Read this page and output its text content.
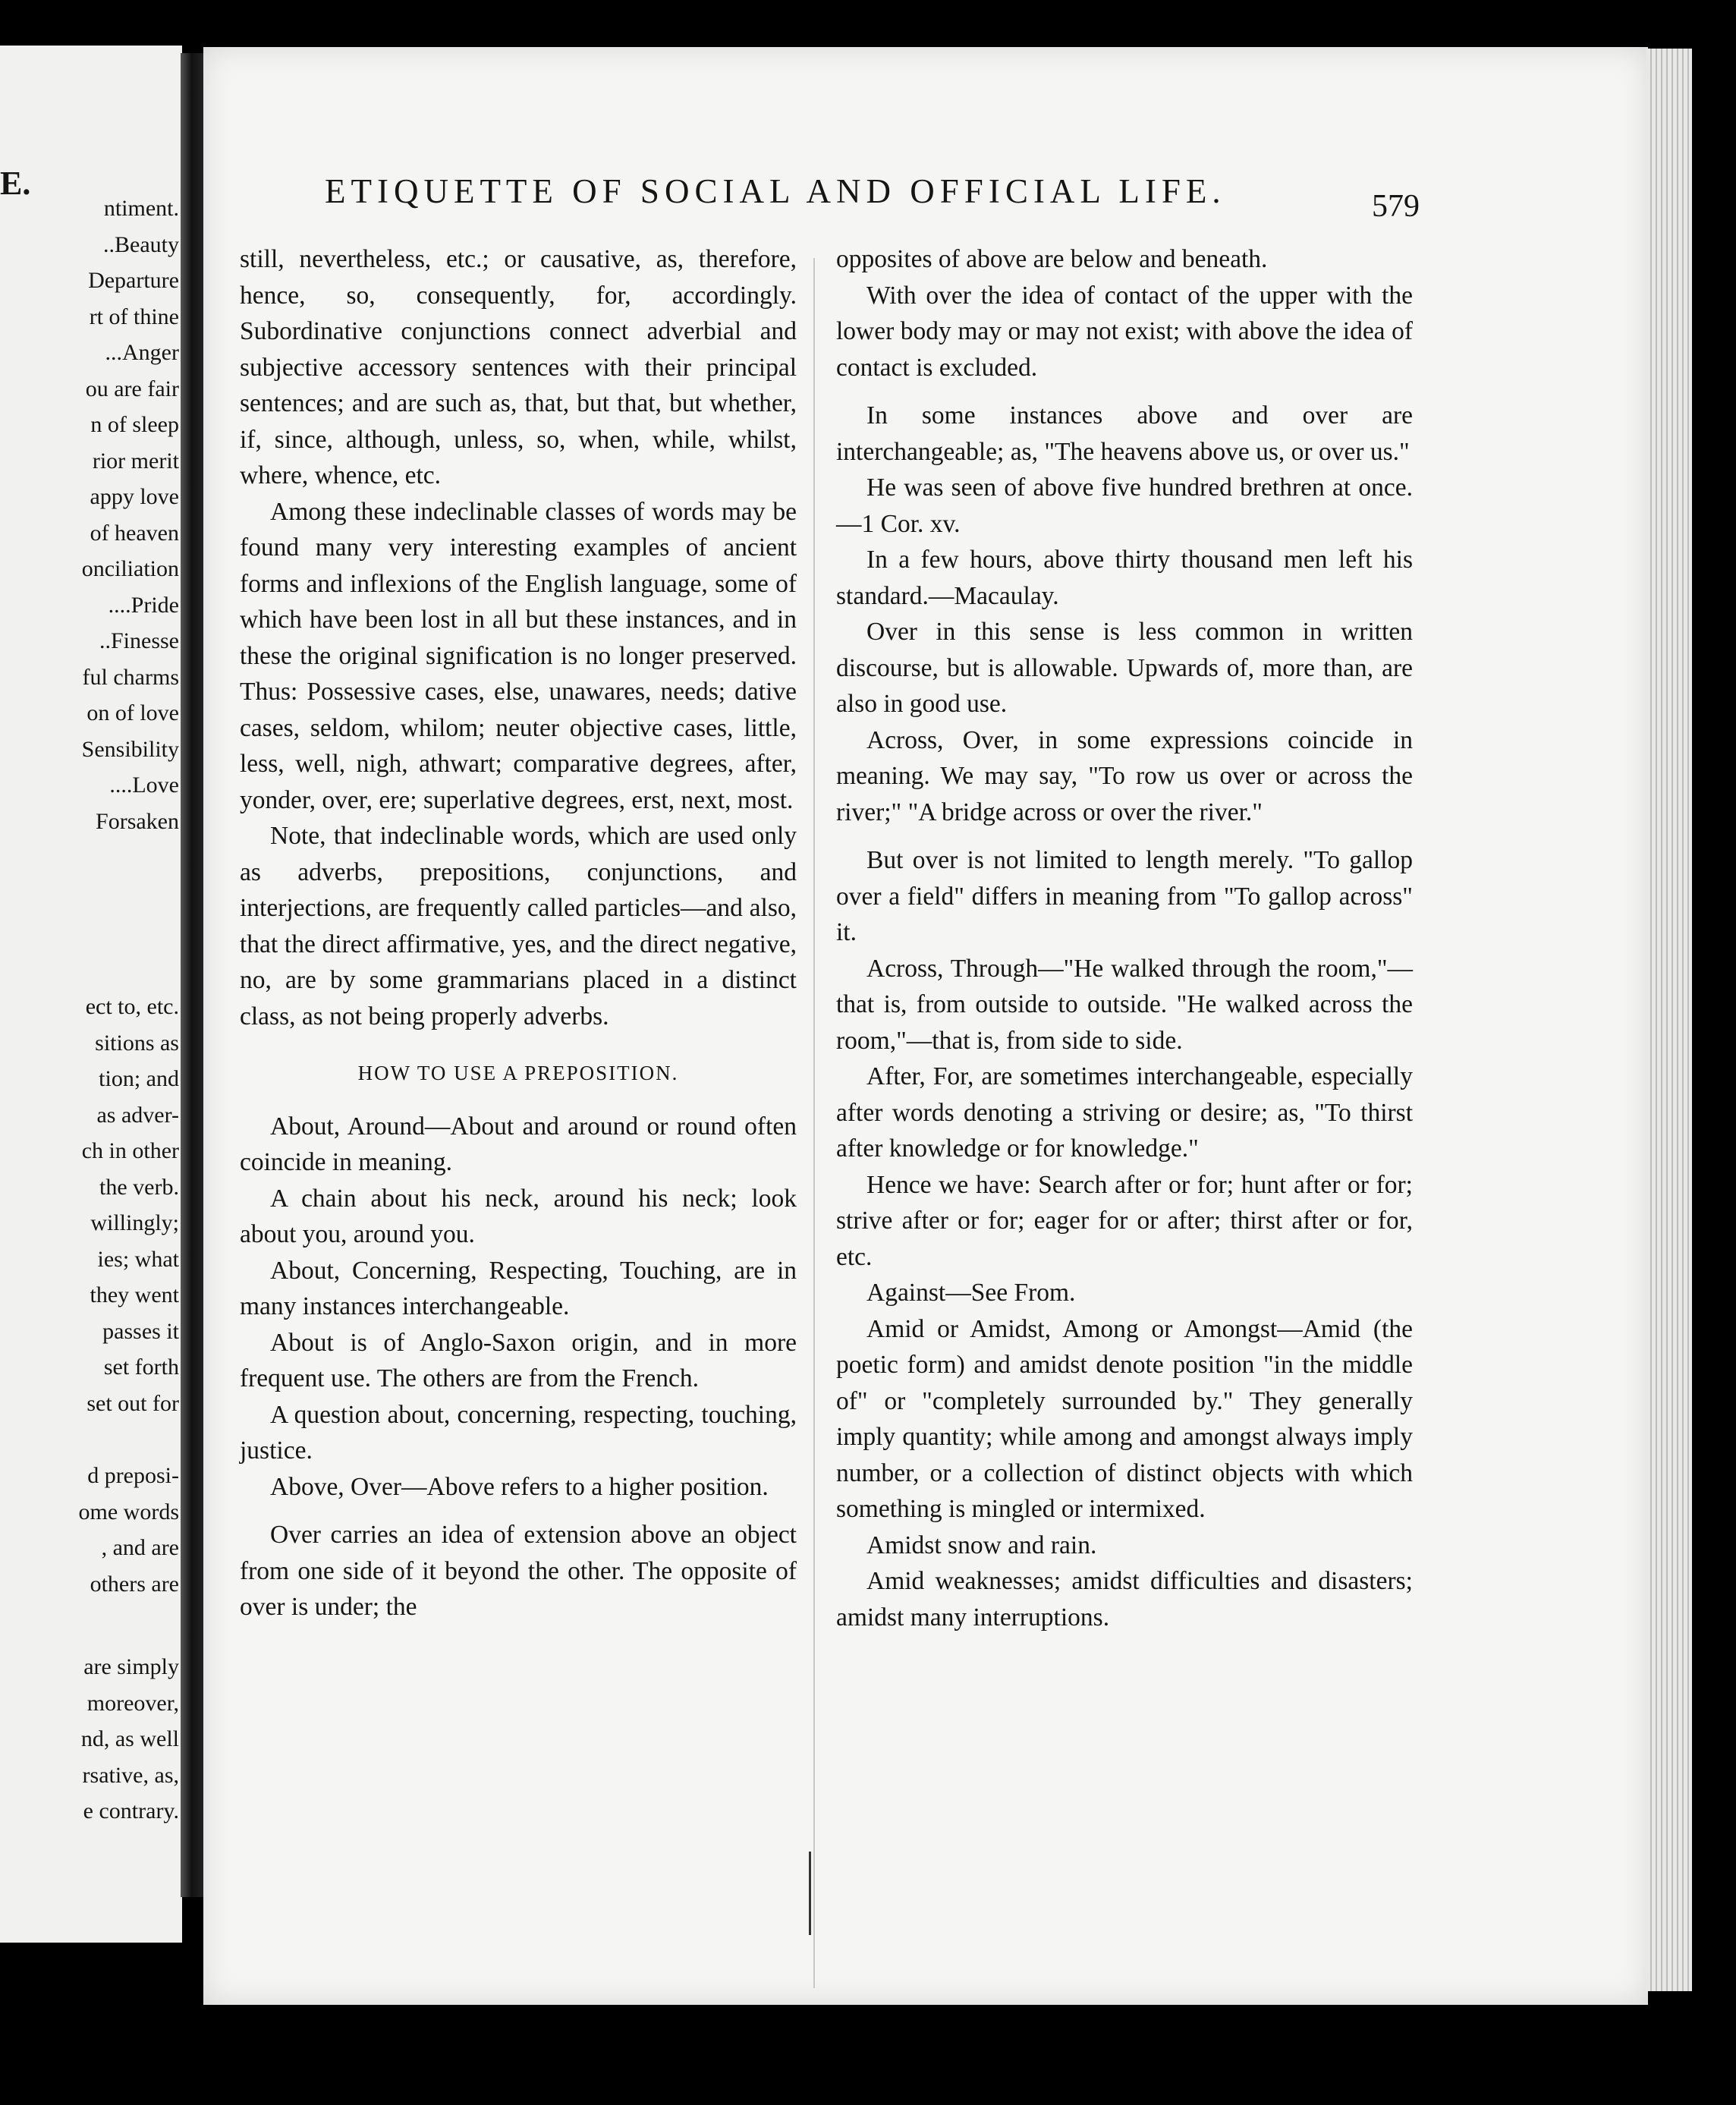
E.
ntiment.
..Beauty
Departure
rt of thine
...Anger
ou are fair
n of sleep
rior merit
appy love
of heaven
onciliation
....Pride
..Finesse
ful charms
on of love
Sensibility
....Love
Forsaken
ect to, etc.
sitions as
tion; and
as adver-
ch in other
the verb.
willingly;
ies; what
they went
passes it
set forth
set out for
d preposi-
ome words
, and are
others are
are simply
moreover,
nd, as well
rsative, as,
e contrary.
ETIQUETTE OF SOCIAL AND OFFICIAL LIFE.	579

still, nevertheless, etc.; or causative, as, therefore, hence, so, consequently, for, accordingly. Subordinative conjunctions connect adverbial and subjective accessory sentences with their principal sentences; and are such as, that, but that, but whether, if, since, although, unless, so, when, while, whilst, where, whence, etc.

Among these indeclinable classes of words may be found many very interesting examples of ancient forms and inflexions of the English language, some of which have been lost in all but these instances, and in these the original signification is no longer preserved. Thus: Possessive cases, else, unawares, needs; dative cases, seldom, whilom; neuter objective cases, little, less, well, nigh, athwart; comparative degrees, after, yonder, over, ere; superlative degrees, erst, next, most.

Note, that indeclinable words, which are used only as adverbs, prepositions, conjunctions, and interjections, are frequently called particles—and also, that the direct affirmative, yes, and the direct negative, no, are by some grammarians placed in a distinct class, as not being properly adverbs.

HOW TO USE A PREPOSITION.

About, Around—About and around or round often coincide in meaning.

A chain about his neck, around his neck; look about you, around you.

About, Concerning, Respecting, Touching, are in many instances interchangeable.

About is of Anglo-Saxon origin, and in more frequent use. The others are from the French.

A question about, concerning, respecting, touching, justice.

Above, Over—Above refers to a higher position.

Over carries an idea of extension above an object from one side of it beyond the other. The opposite of over is under; the

opposites of above are below and beneath.

With over the idea of contact of the upper with the lower body may or may not exist; with above the idea of contact is excluded.

In some instances above and over are interchangeable; as, "The heavens above us, or over us."

He was seen of above five hundred brethren at once.—1 Cor. xv.

In a few hours, above thirty thousand men left his standard.—Macaulay.

Over in this sense is less common in written discourse, but is allowable. Upwards of, more than, are also in good use.

Across, Over, in some expressions coincide in meaning. We may say, "To row us over or across the river;" "A bridge across or over the river."

But over is not limited to length merely. "To gallop over a field" differs in meaning from "To gallop across" it.

Across, Through—"He walked through the room,"—that is, from outside to outside. "He walked across the room,"—that is, from side to side.

After, For, are sometimes interchangeable, especially after words denoting a striving or desire; as, "To thirst after knowledge or for knowledge."

Hence we have: Search after or for; hunt after or for; strive after or for; eager for or after; thirst after or for, etc.

Against—See From.

Amid or Amidst, Among or Amongst—Amid (the poetic form) and amidst denote position "in the middle of" or "completely surrounded by." They generally imply quantity; while among and amongst always imply number, or a collection of distinct objects with which something is mingled or intermixed.

Amidst snow and rain.

Amid weaknesses; amidst difficulties and disasters; amidst many interruptions.
